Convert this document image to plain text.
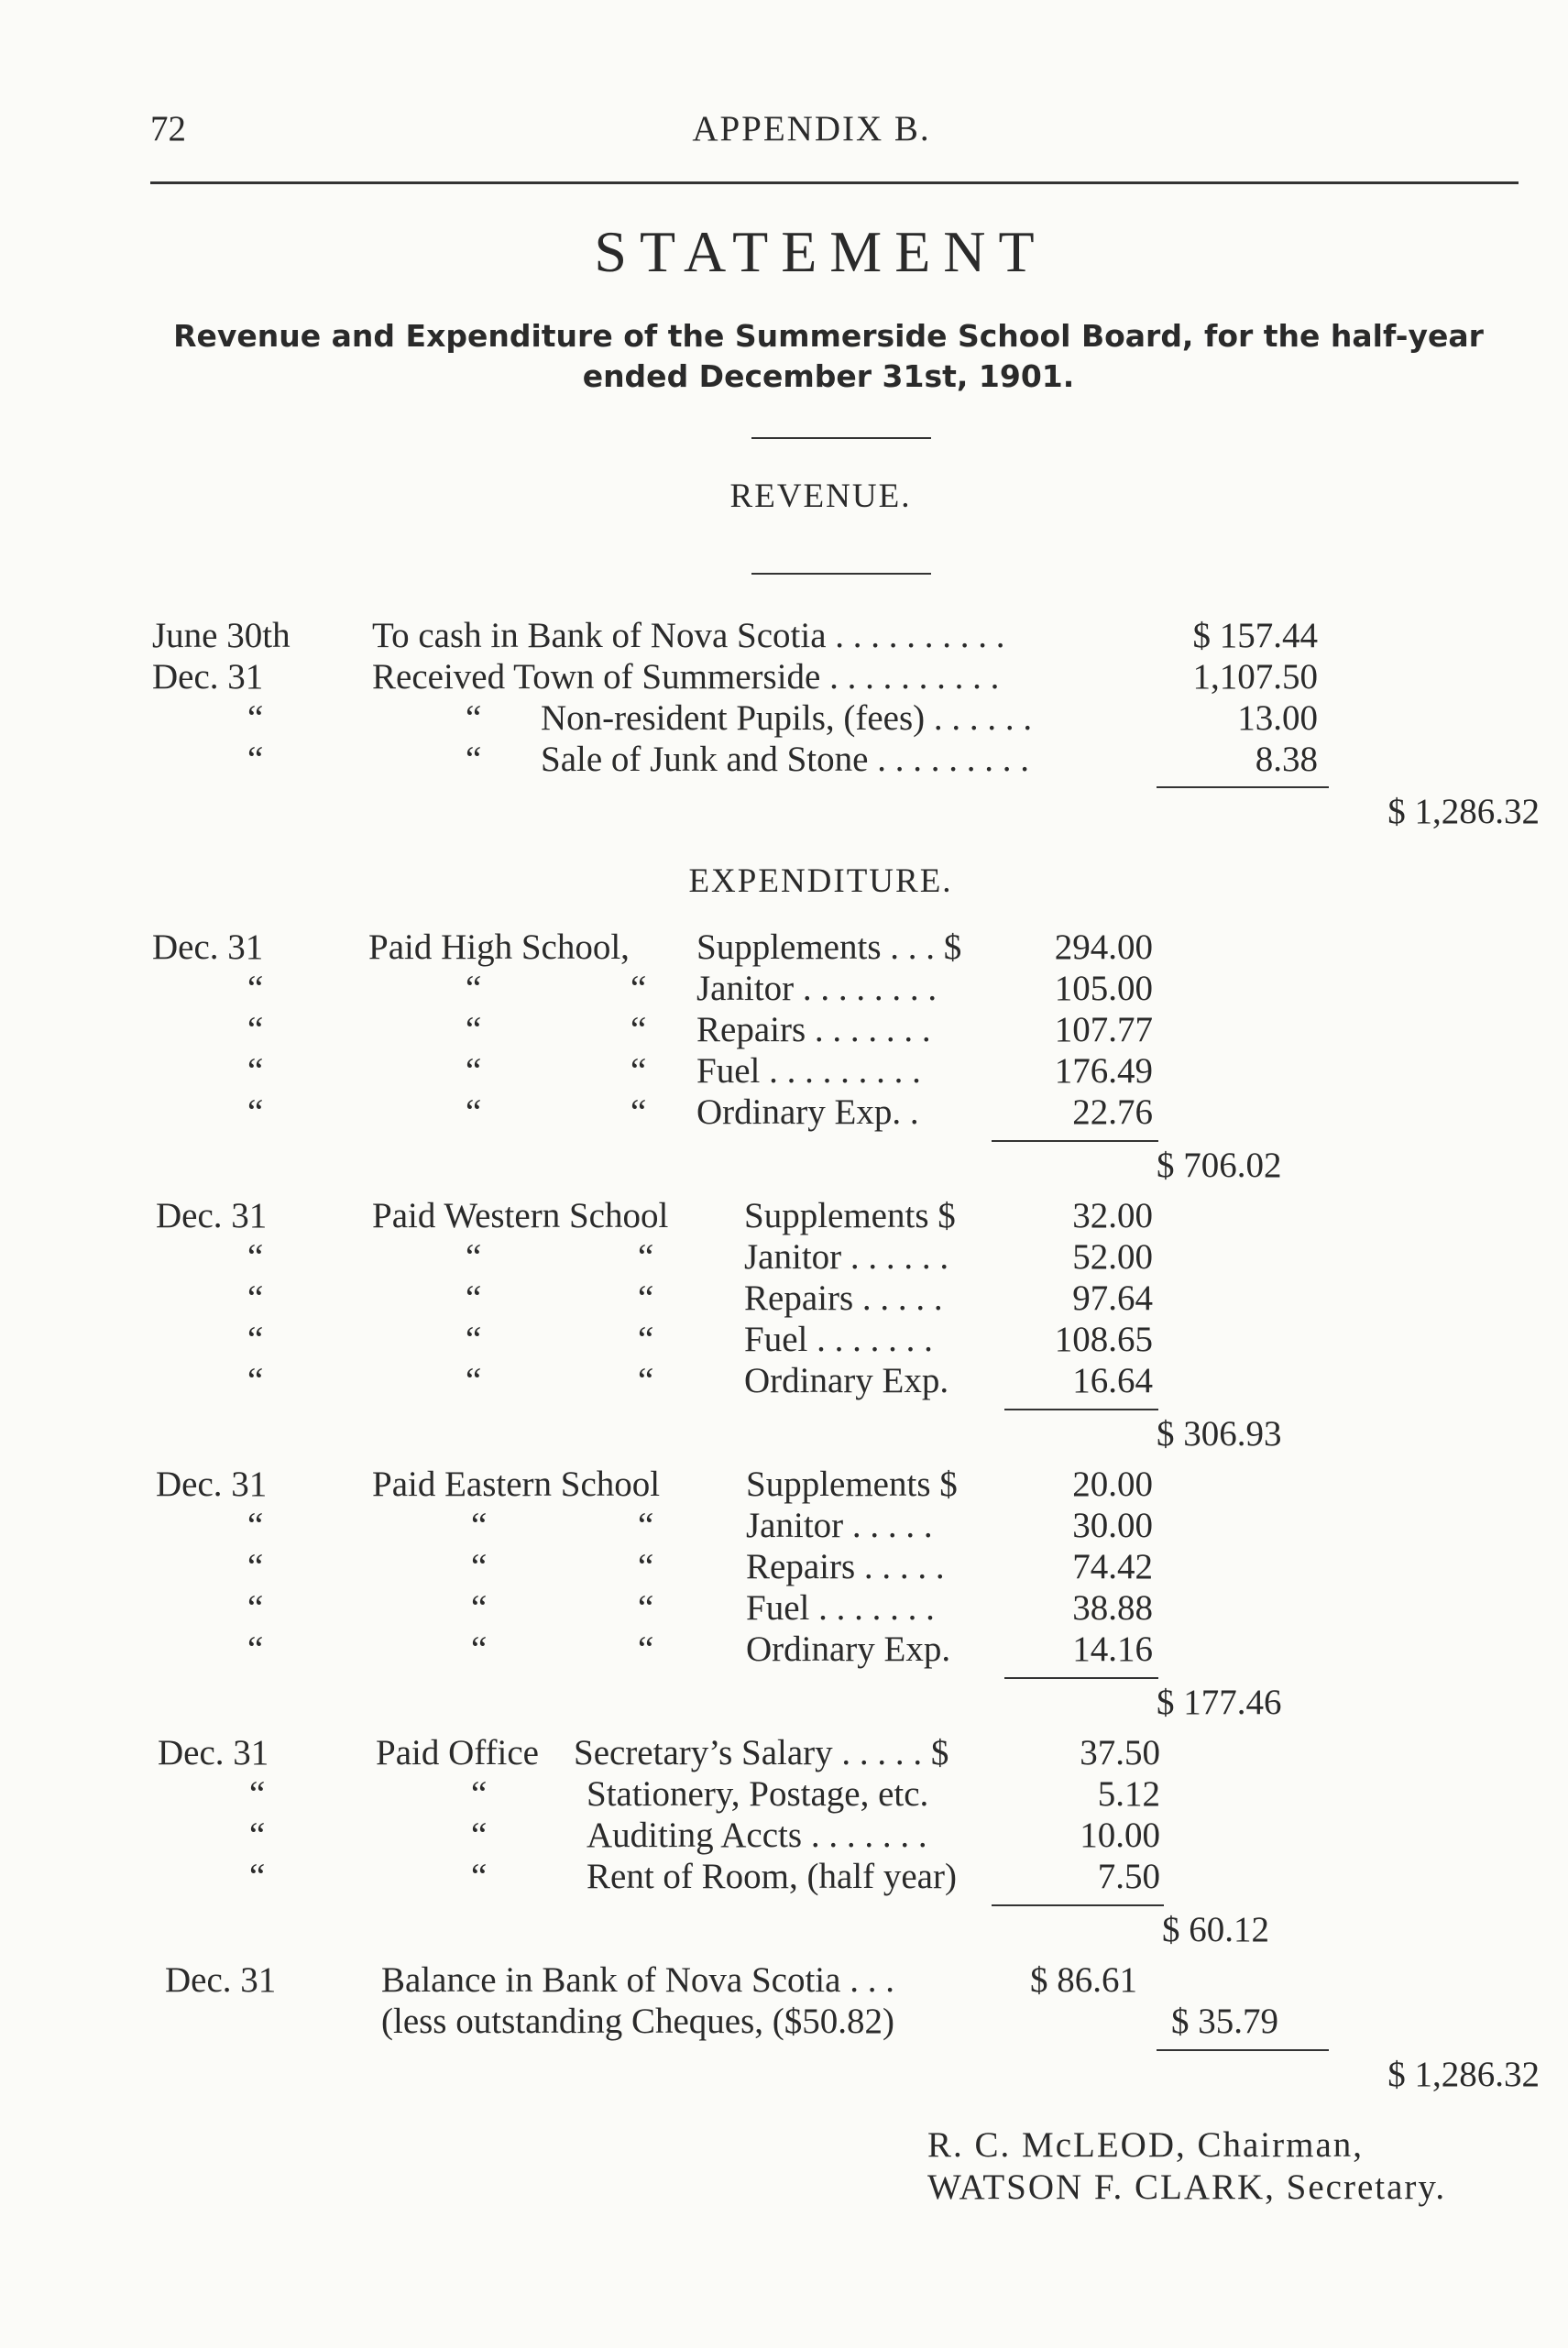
72	APPENDIX B.
STATEMENT
Revenue and Expenditure of the Summerside School Board, for the half-year
ended December 31st, 1901.
REVENUE.
June 30th To cash in Bank of Nova Scotia . . . . . . . . . .	$ 157.44
Dec. 31	Received Town of Summerside . . . . . . . . . .	1,107.50
“	“ Non-resident Pupils, (fees) . . . . . .	13.00
“	“ Sale of Junk and Stone . . . . . . . . .	8.38
$ 1,286.32
EXPENDITURE.
Dec. 31	Paid High School, Supplements . . . $	294.00
“	“	“ Janitor . . . . . . . .	105.00
“	“	“ Repairs . . . . . . .	107.77
“	“	“ Fuel . . . . . . . . .	176.49
“	“	“ Ordinary Exp. .	22.76
$ 706.02
Dec. 31	Paid Western School Supplements $	32.00
“	“	“	Janitor . . . . . .	52.00
“	“	“	Repairs . . . . .	97.64
“	“	“	Fuel . . . . . . .	108.65
“	“	“	Ordinary Exp.	16.64
$ 306.93
Dec. 31	Paid Eastern School Supplements $	20.00
“	“	“	Janitor . . . . .	30.00
“	“	“	Repairs . . . . .	74.42
“	“	“	Fuel . . . . . . .	38.88
“	“	“	Ordinary Exp.	14.16
$ 177.46
Dec. 31	Paid Office Secretary’s Salary . . . . . $	37.50
“	“	Stationery, Postage, etc.	5.12
“	“	Auditing Accts . . . . . . .	10.00
“	“	Rent of Room, (half year)	7.50
$ 60.12
Dec. 31	Balance in Bank of Nova Scotia . . .	$ 86.61
(less outstanding Cheques, ($50.82)	$ 35.79
$ 1,286.32
R. C. McLEOD, Chairman,
WATSON F. CLARK, Secretary.
